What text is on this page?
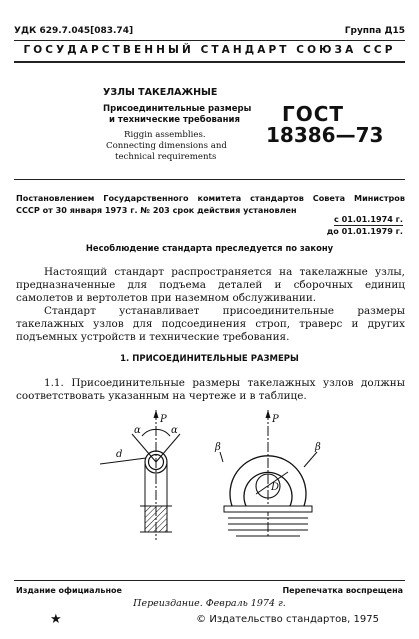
УДК 629.7.045[083.74]	Группа Д15
ГОСУДАРСТВЕННЫЙ СТАНДАРТ СОЮЗА ССР
УЗЛЫ ТАКЕЛАЖНЫЕ
Присоединительные размеры
и технические требования
Riggin assemblies.
Connecting dimensions and
technical requirements
ГОСТ
18386—73
Постановлением Государственного комитета стандартов Совета Министров
СССР от 30 января 1973 г. № 203 срок действия установлен
с 01.01.1974 г.
до 01.01.1979 г.
Несоблюдение стандарта преследуется по закону

Настоящий стандарт распространяется на такелажные узлы, предназначенные для подъема деталей и сборочных единиц самолетов и вертолетов при наземном обслуживании.

Стандарт устанавливает присоединительные размеры такелажных узлов для подсоединения строп, траверс и других подъемных устройств и технические требования.

1. ПРИСОЕДИНИТЕЛЬНЫЕ РАЗМЕРЫ

1.1. Присоединительные размеры такелажных узлов должны соответствовать указанным на чертеже и в таблице.

P
α	α
d
P
β	β
D
Издание официальное	Перепечатка воспрещена
Переиздание. Февраль 1974 г.
★	© Издательство стандартов, 1975
